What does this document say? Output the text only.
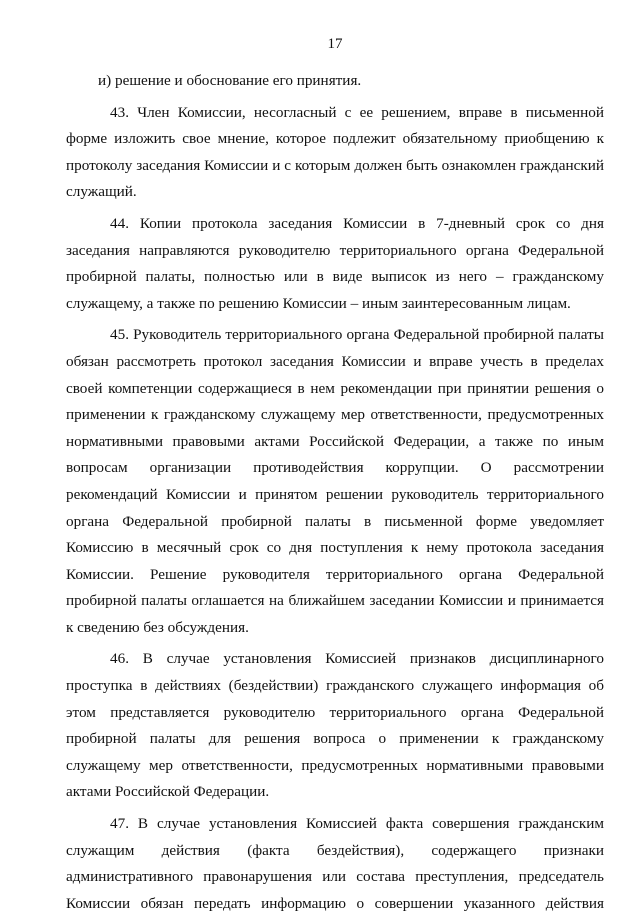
17

и) решение и обоснование его принятия.

43. Член Комиссии, несогласный с ее решением, вправе в письменной форме изложить свое мнение, которое подлежит обязательному приобщению к протоколу заседания Комиссии и с которым должен быть ознакомлен гражданский служащий.

44. Копии протокола заседания Комиссии в 7-дневный срок со дня заседания направляются руководителю территориального органа Федеральной пробирной палаты, полностью или в виде выписок из него – гражданскому служащему, а также по решению Комиссии – иным заинтересованным лицам.

45. Руководитель территориального органа Федеральной пробирной палаты обязан рассмотреть протокол заседания Комиссии и вправе учесть в пределах своей компетенции содержащиеся в нем рекомендации при принятии решения о применении к гражданскому служащему мер ответственности, предусмотренных нормативными правовыми актами Российской Федерации, а также по иным вопросам организации противодействия коррупции. О рассмотрении рекомендаций Комиссии и принятом решении руководитель территориального органа Федеральной пробирной палаты в письменной форме уведомляет Комиссию в месячный срок со дня поступления к нему протокола заседания Комиссии. Решение руководителя территориального органа Федеральной пробирной палаты оглашается на ближайшем заседании Комиссии и принимается к сведению без обсуждения.

46. В случае установления Комиссией признаков дисциплинарного проступка в действиях (бездействии) гражданского служащего информация об этом представляется руководителю территориального органа Федеральной пробирной палаты для решения вопроса о применении к гражданскому служащему мер ответственности, предусмотренных нормативными правовыми актами Российской Федерации.

47. В случае установления Комиссией факта совершения гражданским служащим действия (факта бездействия), содержащего признаки административного правонарушения или состава преступления, председатель Комиссии обязан передать информацию о совершении указанного действия
